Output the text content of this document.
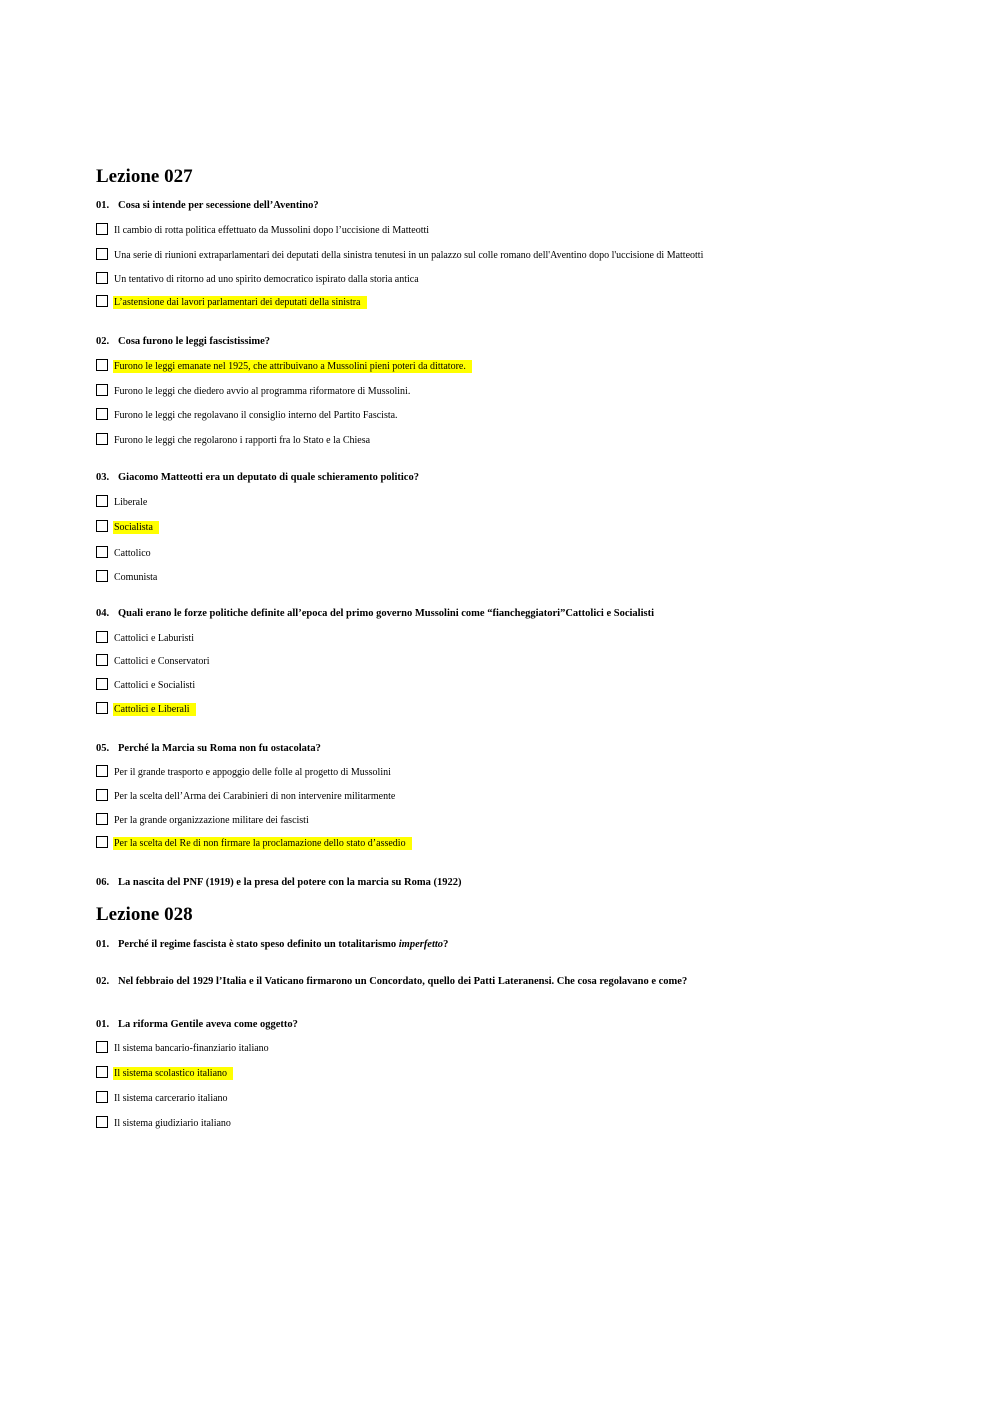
Lezione 027
01. Cosa si intende per secessione dell’Aventino?
Il cambio di rotta politica effettuato da Mussolini dopo l’uccisione di Matteotti
Una serie di riunioni extraparlamentari dei deputati della sinistra tenutesi in un palazzo sul colle romano dell'Aventino dopo l'uccisione di Matteotti
Un tentativo di ritorno ad uno spirito democratico ispirato dalla storia antica
L’astensione dai lavori parlamentari dei deputati della sinistra
02. Cosa furono le leggi fascistissime?
Furono le leggi emanate nel 1925, che attribuivano a Mussolini pieni poteri da dittatore.
Furono le leggi che diedero avvio al programma riformatore di Mussolini.
Furono le leggi che regolavano il consiglio interno del Partito Fascista.
Furono le leggi che regolarono i rapporti fra lo Stato e la Chiesa
03. Giacomo Matteotti era un deputato di quale schieramento politico?
Liberale
Socialista
Cattolico
Comunista
04. Quali erano le forze politiche definite all’epoca del primo governo Mussolini come “fiancheggiatori”Cattolici e Socialisti
Cattolici e Laburisti
Cattolici e Conservatori
Cattolici e Socialisti
Cattolici e Liberali
05. Perché la Marcia su Roma non fu ostacolata?
Per il grande trasporto e appoggio delle folle al progetto di Mussolini
Per la scelta dell’Arma dei Carabinieri di non intervenire militarmente
Per la grande organizzazione militare dei fascisti
Per la scelta del Re di non firmare la proclamazione dello stato d’assedio
06. La nascita del PNF (1919) e la presa del potere con la marcia su Roma (1922)
Lezione 028
01. Perché il regime fascista è stato speso definito un totalitarismo imperfetto?
02. Nel febbraio del 1929 l’Italia e il Vaticano firmarono un Concordato, quello dei Patti Lateranensi. Che cosa regolavano e come?
01. La riforma Gentile aveva come oggetto?
Il sistema bancario-finanziario italiano
Il sistema scolastico italiano
Il sistema carcerario italiano
Il sistema giudiziario italiano
